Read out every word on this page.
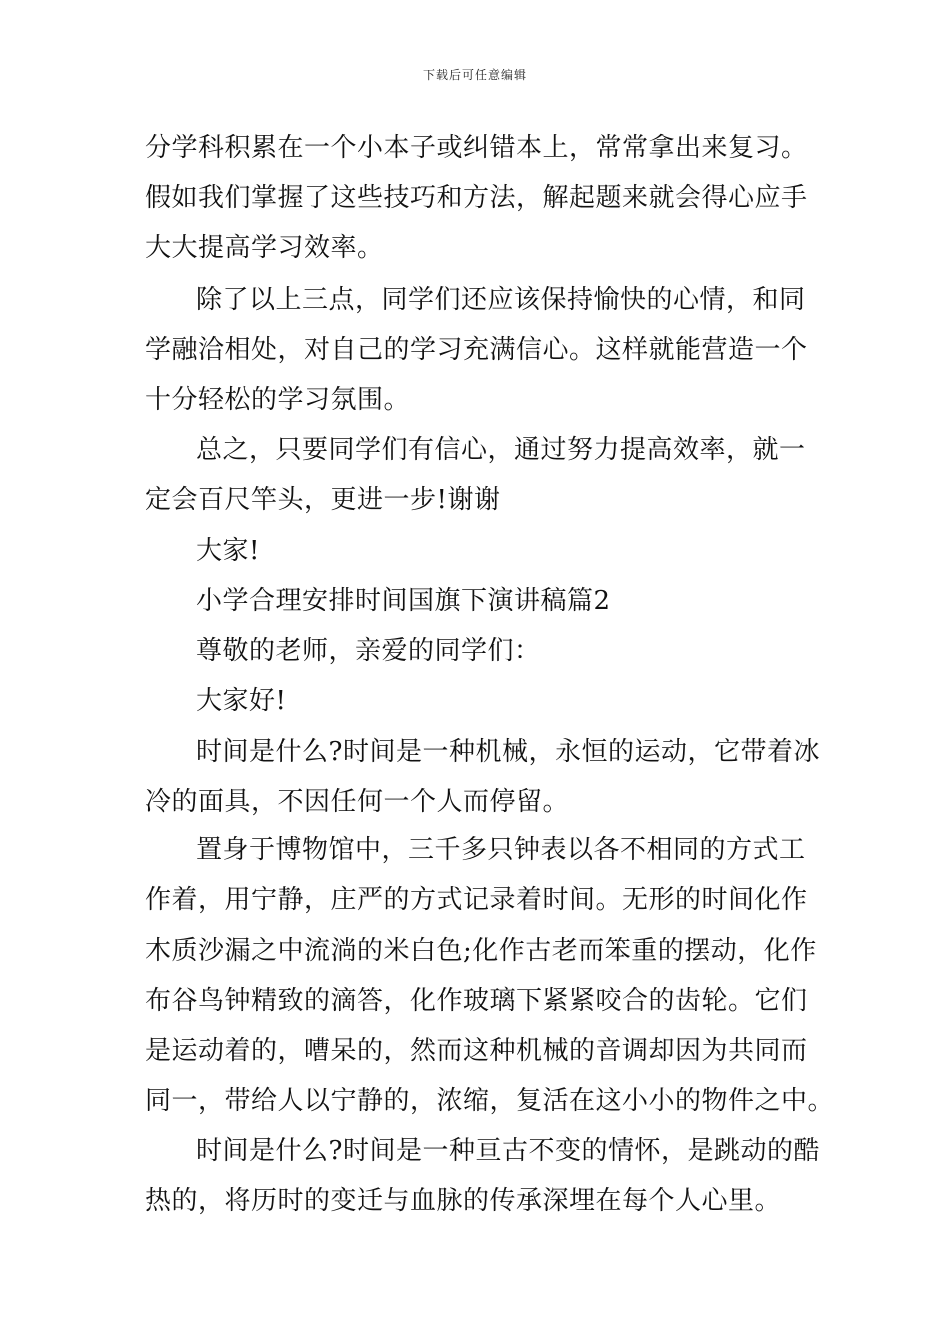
下载后可任意编辑
分学科积累在一个小本子或纠错本上，常常拿出来复习。
假如我们掌握了这些技巧和方法，解起题来就会得心应手
大大提高学习效率。
除了以上三点，同学们还应该保持愉快的心情，和同
学融洽相处，对自己的学习充满信心。这样就能营造一个
十分轻松的学习氛围。
总之，只要同学们有信心，通过努力提高效率，就一
定会百尺竿头，更进一步!谢谢
大家!
小学合理安排时间国旗下演讲稿篇2
尊敬的老师，亲爱的同学们：
大家好!
时间是什么?时间是一种机械，永恒的运动，它带着冰
冷的面具，不因任何一个人而停留。
置身于博物馆中，三千多只钟表以各不相同的方式工
作着，用宁静，庄严的方式记录着时间。无形的时间化作
木质沙漏之中流淌的米白色;化作古老而笨重的摆动，化作
布谷鸟钟精致的滴答，化作玻璃下紧紧咬合的齿轮。它们
是运动着的，嘈呆的，然而这种机械的音调却因为共同而
同一，带给人以宁静的，浓缩，复活在这小小的物件之中。
时间是什么?时间是一种亘古不变的情怀，是跳动的酷
热的，将历时的变迁与血脉的传承深埋在每个人心里。
